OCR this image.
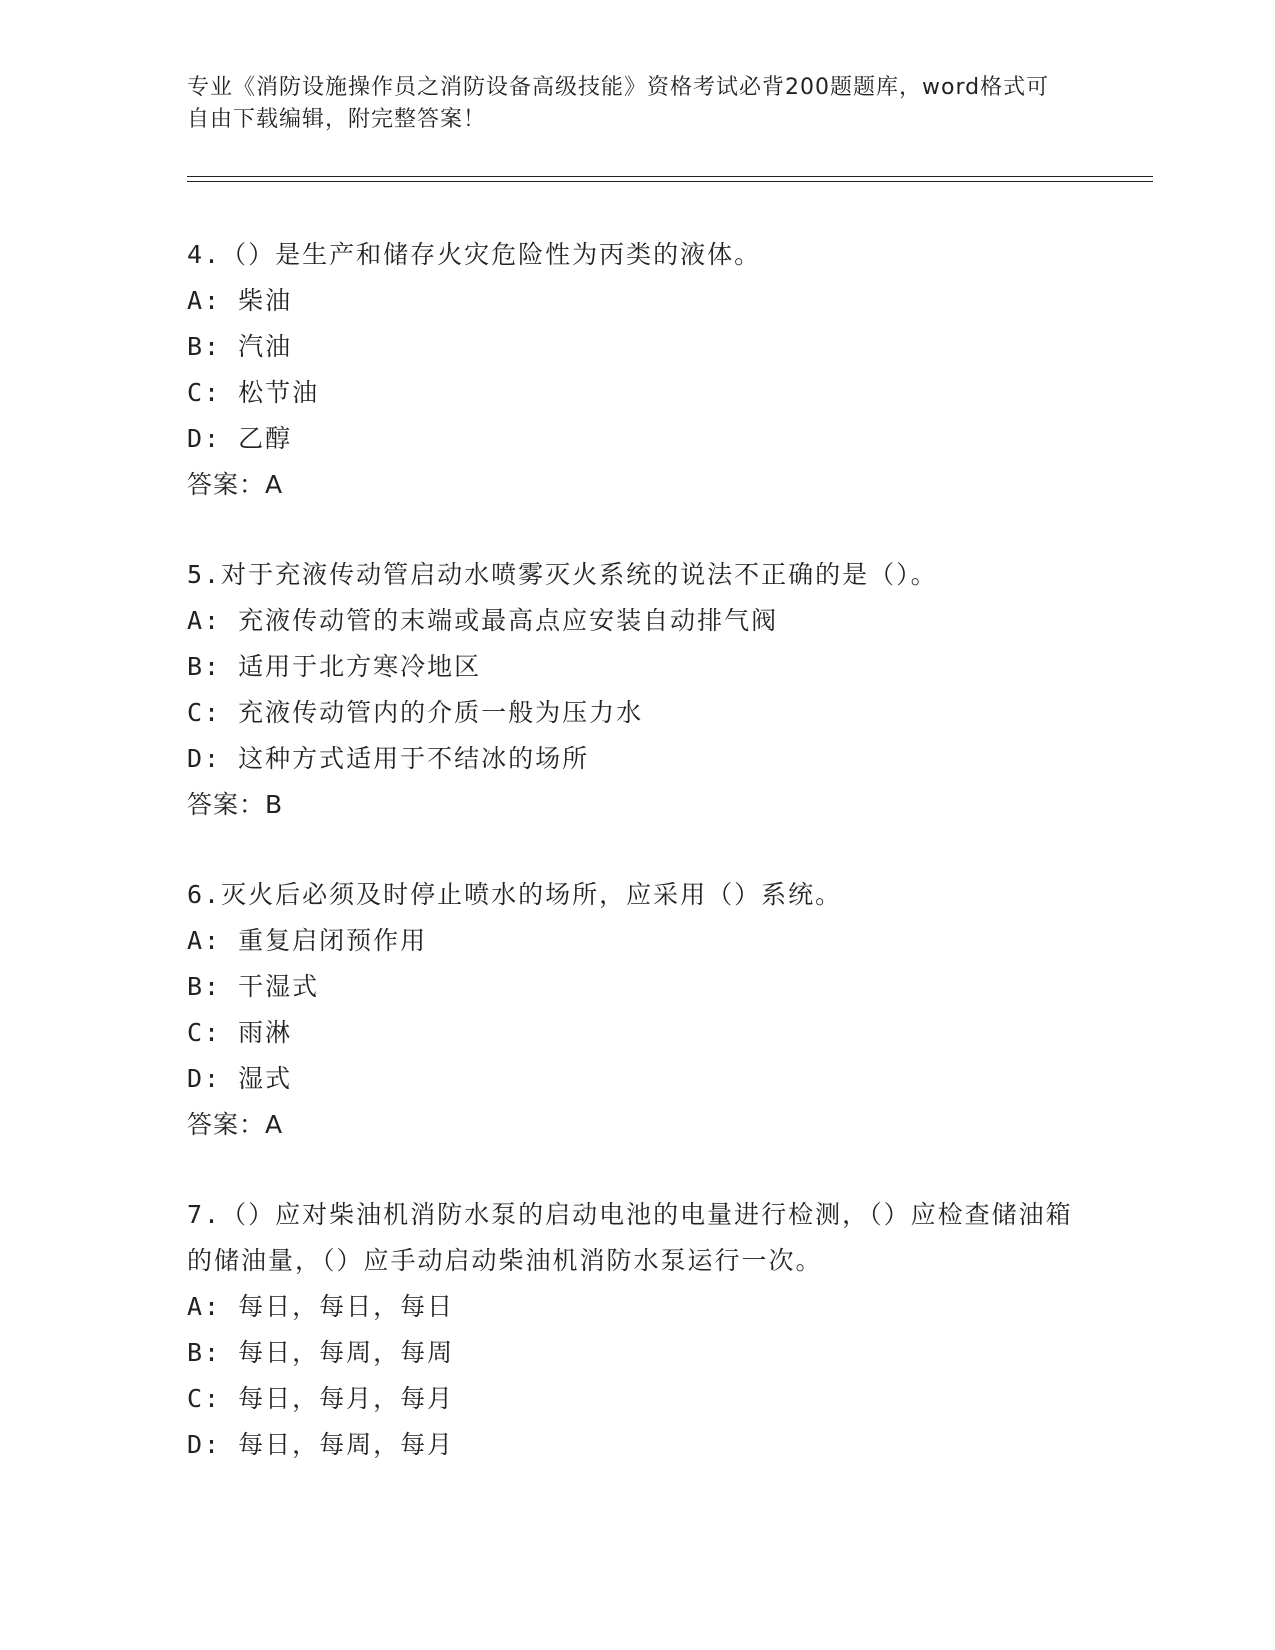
专业《消防设施操作员之消防设备高级技能》资格考试必背200题题库，word格式可自由下载编辑，附完整答案！
4.（）是生产和储存火灾危险性为丙类的液体。
A: 柴油
B: 汽油
C: 松节油
D: 乙醇
答案：A
5.对于充液传动管启动水喷雾灭火系统的说法不正确的是（）。
A: 充液传动管的末端或最高点应安装自动排气阀
B: 适用于北方寒冷地区
C: 充液传动管内的介质一般为压力水
D: 这种方式适用于不结冰的场所
答案：B
6.灭火后必须及时停止喷水的场所，应采用（）系统。
A: 重复启闭预作用
B: 干湿式
C: 雨淋
D: 湿式
答案：A
7.（）应对柴油机消防水泵的启动电池的电量进行检测，（）应检查储油箱的储油量，（）应手动启动柴油机消防水泵运行一次。
A: 每日，每日，每日
B: 每日，每周，每周
C: 每日，每月，每月
D: 每日，每周，每月
